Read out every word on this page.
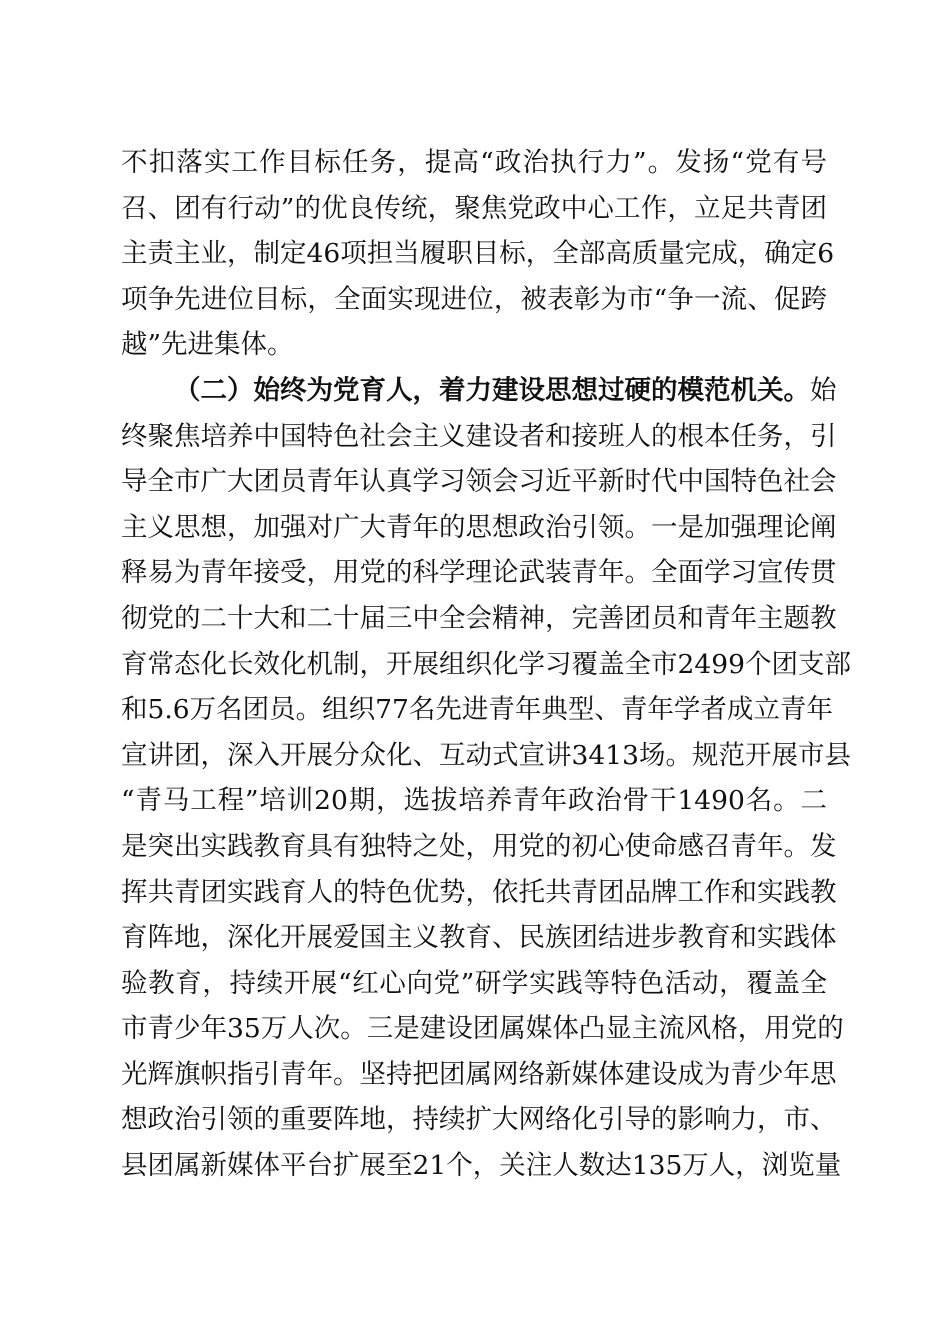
不扣落实工作目标任务，提高“政治执行力”。发扬“党有号
召、团有行动”的优良传统，聚焦党政中心工作，立足共青团
主责主业，制定46项担当履职目标，全部高质量完成，确定6
项争先进位目标，全面实现进位，被表彰为市“争一流、促跨
越”先进集体。
（二）始终为党育人，着力建设思想过硬的模范机关。始
终聚焦培养中国特色社会主义建设者和接班人的根本任务，引
导全市广大团员青年认真学习领会习近平新时代中国特色社会
主义思想，加强对广大青年的思想政治引领。一是加强理论阐
释易为青年接受，用党的科学理论武装青年。全面学习宣传贯
彻党的二十大和二十届三中全会精神，完善团员和青年主题教
育常态化长效化机制，开展组织化学习覆盖全市2499个团支部
和5.6万名团员。组织77名先进青年典型、青年学者成立青年
宣讲团，深入开展分众化、互动式宣讲3413场。规范开展市县
“青马工程”培训20期，选拔培养青年政治骨干1490名。二
是突出实践教育具有独特之处，用党的初心使命感召青年。发
挥共青团实践育人的特色优势，依托共青团品牌工作和实践教
育阵地，深化开展爱国主义教育、民族团结进步教育和实践体
验教育，持续开展“红心向党”研学实践等特色活动，覆盖全
市青少年35万人次。三是建设团属媒体凸显主流风格，用党的
光辉旗帜指引青年。坚持把团属网络新媒体建设成为青少年思
想政治引领的重要阵地，持续扩大网络化引导的影响力，市、
县团属新媒体平台扩展至21个，关注人数达135万人，浏览量
